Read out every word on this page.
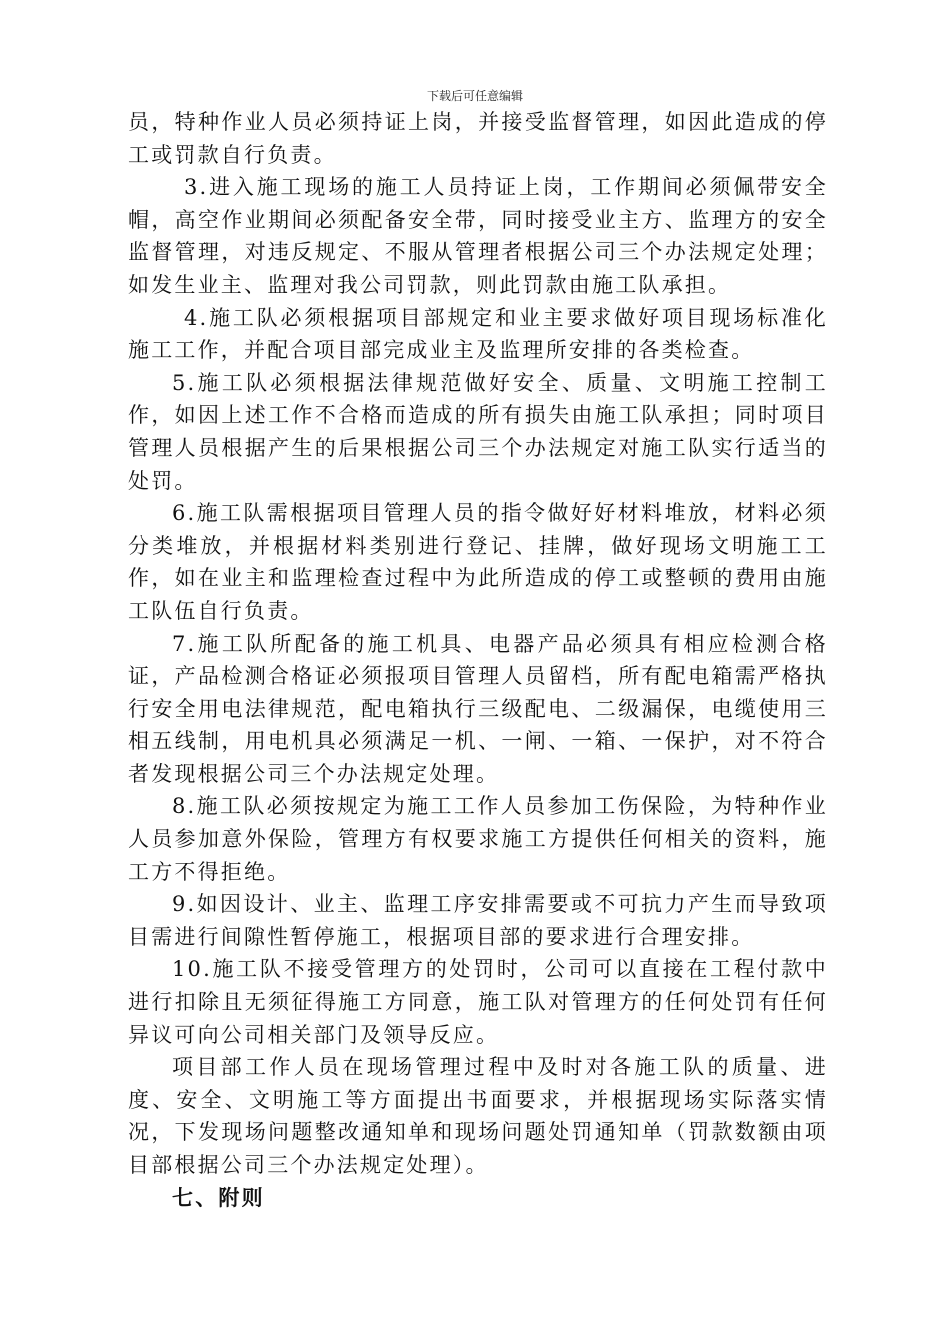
下载后可任意编辑

员，特种作业人员必须持证上岗，并接受监督管理，如因此造成的停工或罚款自行负责。

3.进入施工现场的施工人员持证上岗，工作期间必须佩带安全帽，高空作业期间必须配备安全带，同时接受业主方、监理方的安全监督管理，对违反规定、不服从管理者根据公司三个办法规定处理；如发生业主、监理对我公司罚款，则此罚款由施工队承担。

4.施工队必须根据项目部规定和业主要求做好项目现场标准化施工工作，并配合项目部完成业主及监理所安排的各类检查。

5.施工队必须根据法律规范做好安全、质量、文明施工控制工作，如因上述工作不合格而造成的所有损失由施工队承担；同时项目管理人员根据产生的后果根据公司三个办法规定对施工队实行适当的处罚。

6.施工队需根据项目管理人员的指令做好好材料堆放，材料必须分类堆放，并根据材料类别进行登记、挂牌，做好现场文明施工工作，如在业主和监理检查过程中为此所造成的停工或整顿的费用由施工队伍自行负责。

7.施工队所配备的施工机具、电器产品必须具有相应检测合格证，产品检测合格证必须报项目管理人员留档，所有配电箱需严格执行安全用电法律规范，配电箱执行三级配电、二级漏保，电缆使用三相五线制，用电机具必须满足一机、一闸、一箱、一保护，对不符合者发现根据公司三个办法规定处理。

8.施工队必须按规定为施工工作人员参加工伤保险，为特种作业人员参加意外保险，管理方有权要求施工方提供任何相关的资料，施工方不得拒绝。

9.如因设计、业主、监理工序安排需要或不可抗力产生而导致项目需进行间隙性暂停施工，根据项目部的要求进行合理安排。

10.施工队不接受管理方的处罚时，公司可以直接在工程付款中进行扣除且无须征得施工方同意，施工队对管理方的任何处罚有任何异议可向公司相关部门及领导反应。

项目部工作人员在现场管理过程中及时对各施工队的质量、进度、安全、文明施工等方面提出书面要求，并根据现场实际落实情况，下发现场问题整改通知单和现场问题处罚通知单（罚款数额由项目部根据公司三个办法规定处理）。

七、附则
